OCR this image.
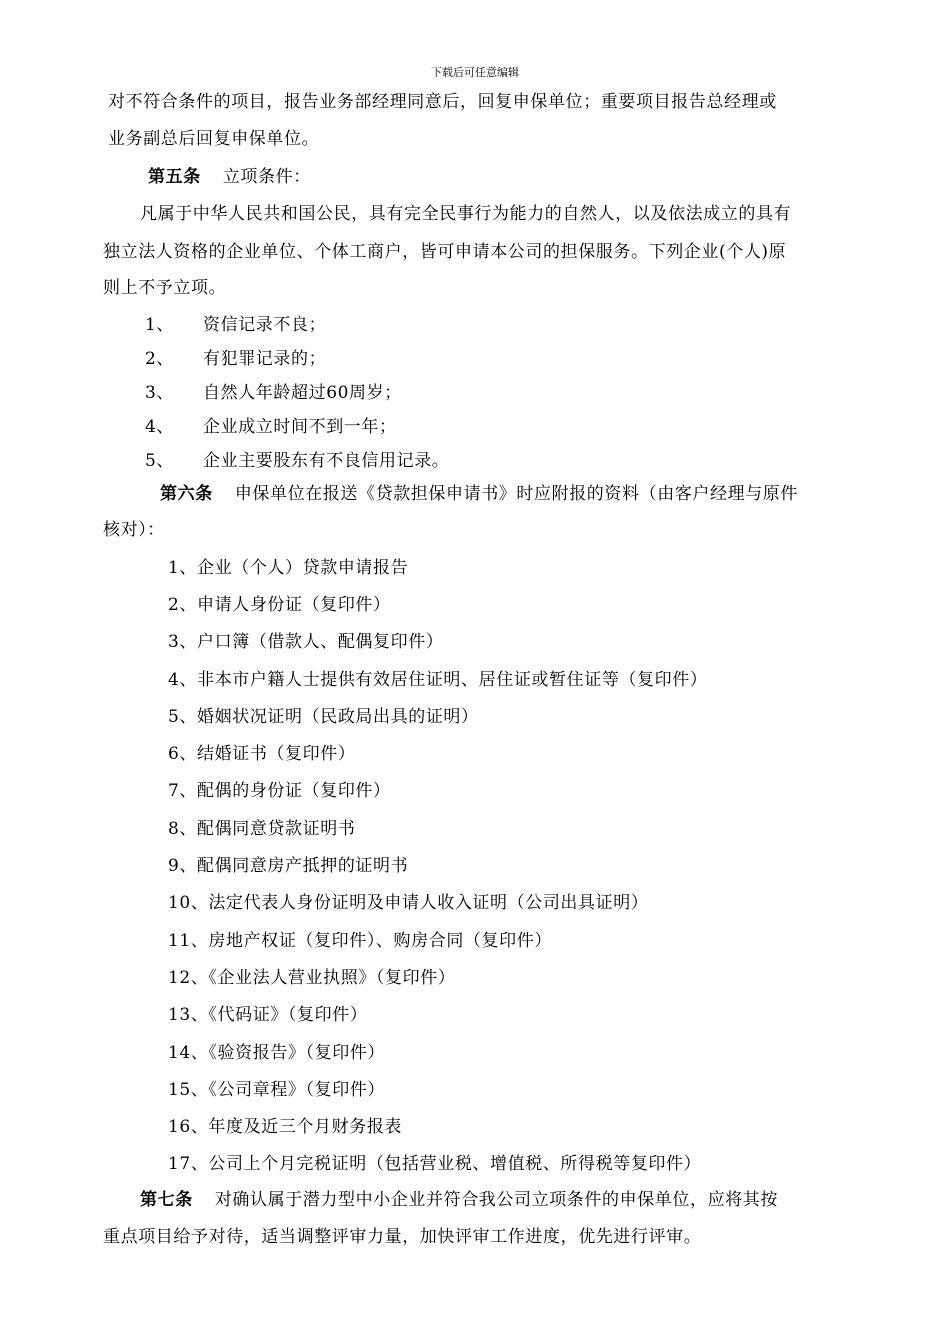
下载后可任意编辑
对不符合条件的项目，报告业务部经理同意后，回复申保单位；重要项目报告总经理或
业务副总后回复申保单位。
第五条 立项条件：
凡属于中华人民共和国公民，具有完全民事行为能力的自然人，以及依法成立的具有
独立法人资格的企业单位、个体工商户，皆可申请本公司的担保服务。下列企业(个人)原
则上不予立项。
1、 资信记录不良；
2、 有犯罪记录的；
3、 自然人年龄超过60周岁；
4、 企业成立时间不到一年；
5、 企业主要股东有不良信用记录。
第六条 申保单位在报送《贷款担保申请书》时应附报的资料（由客户经理与原件
核对）：
1、企业（个人）贷款申请报告
2、申请人身份证（复印件）
3、户口簿（借款人、配偶复印件）
4、非本市户籍人士提供有效居住证明、居住证或暂住证等（复印件）
5、婚姻状况证明（民政局出具的证明）
6、结婚证书（复印件）
7、配偶的身份证（复印件）
8、配偶同意贷款证明书
9、配偶同意房产抵押的证明书
10、法定代表人身份证明及申请人收入证明（公司出具证明）
11、房地产权证（复印件）、购房合同（复印件）
12、《企业法人营业执照》（复印件）
13、《代码证》（复印件）
14、《验资报告》（复印件）
15、《公司章程》（复印件）
16、年度及近三个月财务报表
17、公司上个月完税证明（包括营业税、增值税、所得税等复印件）
第七条 对确认属于潜力型中小企业并符合我公司立项条件的申保单位，应将其按
重点项目给予对待，适当调整评审力量，加快评审工作进度，优先进行评审。
